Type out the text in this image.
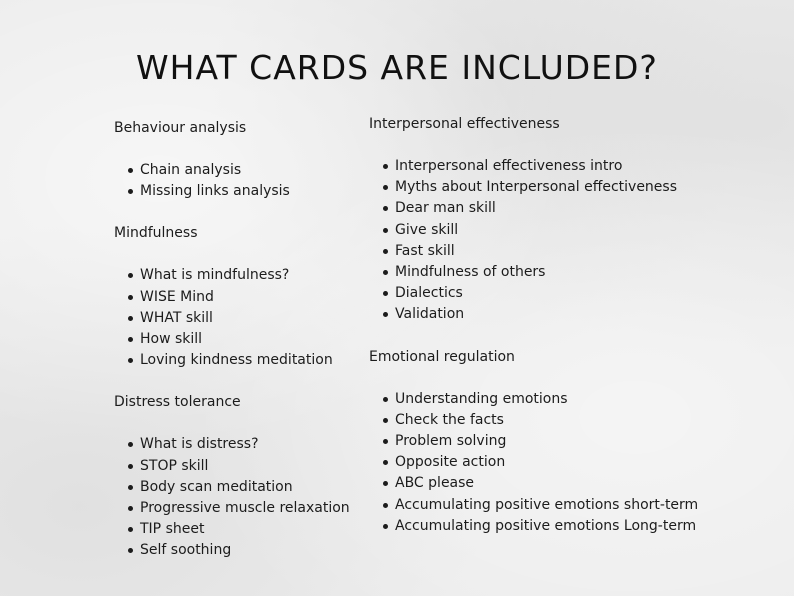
WHAT CARDS ARE INCLUDED?
Behaviour analysis
Chain analysis
Missing links analysis
Mindfulness
What is mindfulness?
WISE Mind
WHAT skill
How skill
Loving kindness meditation
Distress tolerance
What is distress?
STOP skill
Body scan meditation
Progressive muscle relaxation
TIP sheet
Self soothing
Interpersonal effectiveness
Interpersonal effectiveness intro
Myths about Interpersonal effectiveness
Dear man skill
Give skill
Fast skill
Mindfulness of others
Dialectics
Validation
Emotional regulation
Understanding emotions
Check the facts
Problem solving
Opposite action
ABC please
Accumulating positive emotions short-term
Accumulating positive emotions Long-term
